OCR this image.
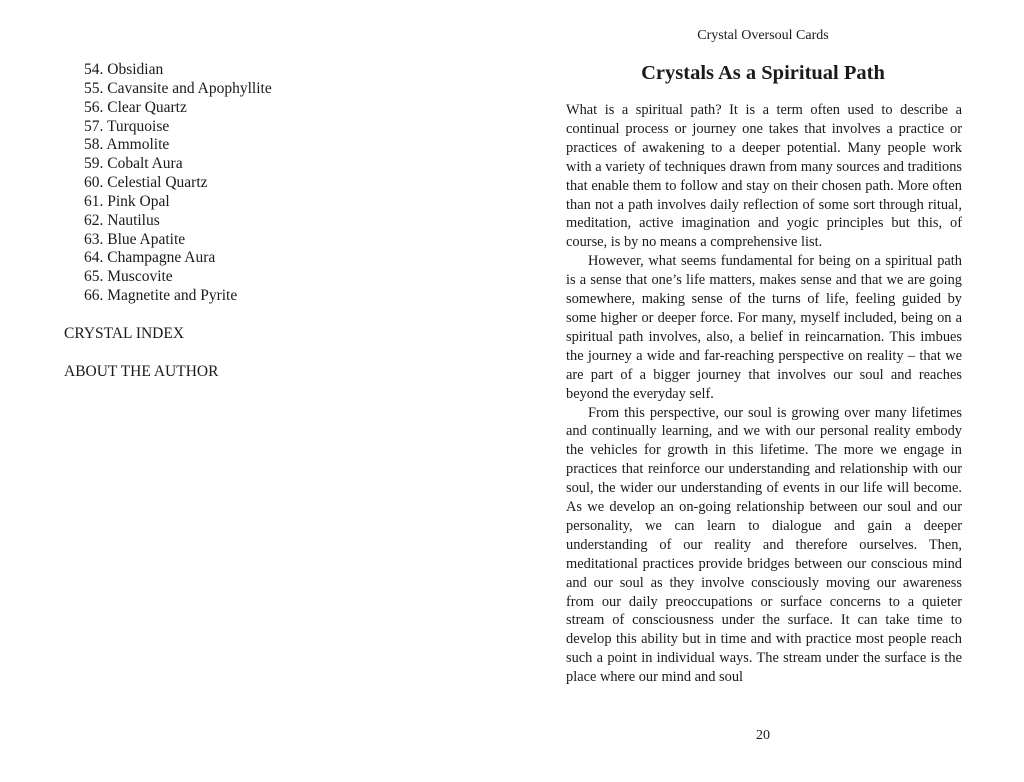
54. Obsidian
55. Cavansite and Apophyllite
56. Clear Quartz
57. Turquoise
58. Ammolite
59. Cobalt Aura
60. Celestial Quartz
61. Pink Opal
62. Nautilus
63. Blue Apatite
64. Champagne Aura
65. Muscovite
66. Magnetite and Pyrite
CRYSTAL INDEX
ABOUT THE AUTHOR
Crystal Oversoul Cards
Crystals As a Spiritual Path

What is a spiritual path? It is a term often used to describe a continual process or journey one takes that involves a practice or practices of awakening to a deeper potential. Many people work with a variety of techniques drawn from many sources and traditions that enable them to follow and stay on their chosen path. More often than not a path involves daily reflection of some sort through ritual, meditation, active imagination and yogic principles but this, of course, is by no means a comprehensive list.

However, what seems fundamental for being on a spiritual path is a sense that one’s life matters, makes sense and that we are going somewhere, making sense of the turns of life, feeling guided by some higher or deeper force. For many, myself included, being on a spiritual path involves, also, a belief in reincarnation. This imbues the journey a wide and far-reaching perspective on reality – that we are part of a bigger journey that involves our soul and reaches beyond the everyday self.

From this perspective, our soul is growing over many lifetimes and continually learning, and we with our personal reality embody the vehicles for growth in this lifetime. The more we engage in practices that reinforce our understanding and relationship with our soul, the wider our understanding of events in our life will become. As we develop an on-going relationship between our soul and our personality, we can learn to dialogue and gain a deeper understanding of our reality and therefore ourselves. Then, meditational practices provide bridges between our conscious mind and our soul as they involve consciously moving our awareness from our daily preoccupations or surface concerns to a quieter stream of consciousness under the surface. It can take time to develop this ability but in time and with practice most people reach such a point in individual ways. The stream under the surface is the place where our mind and soul

20
